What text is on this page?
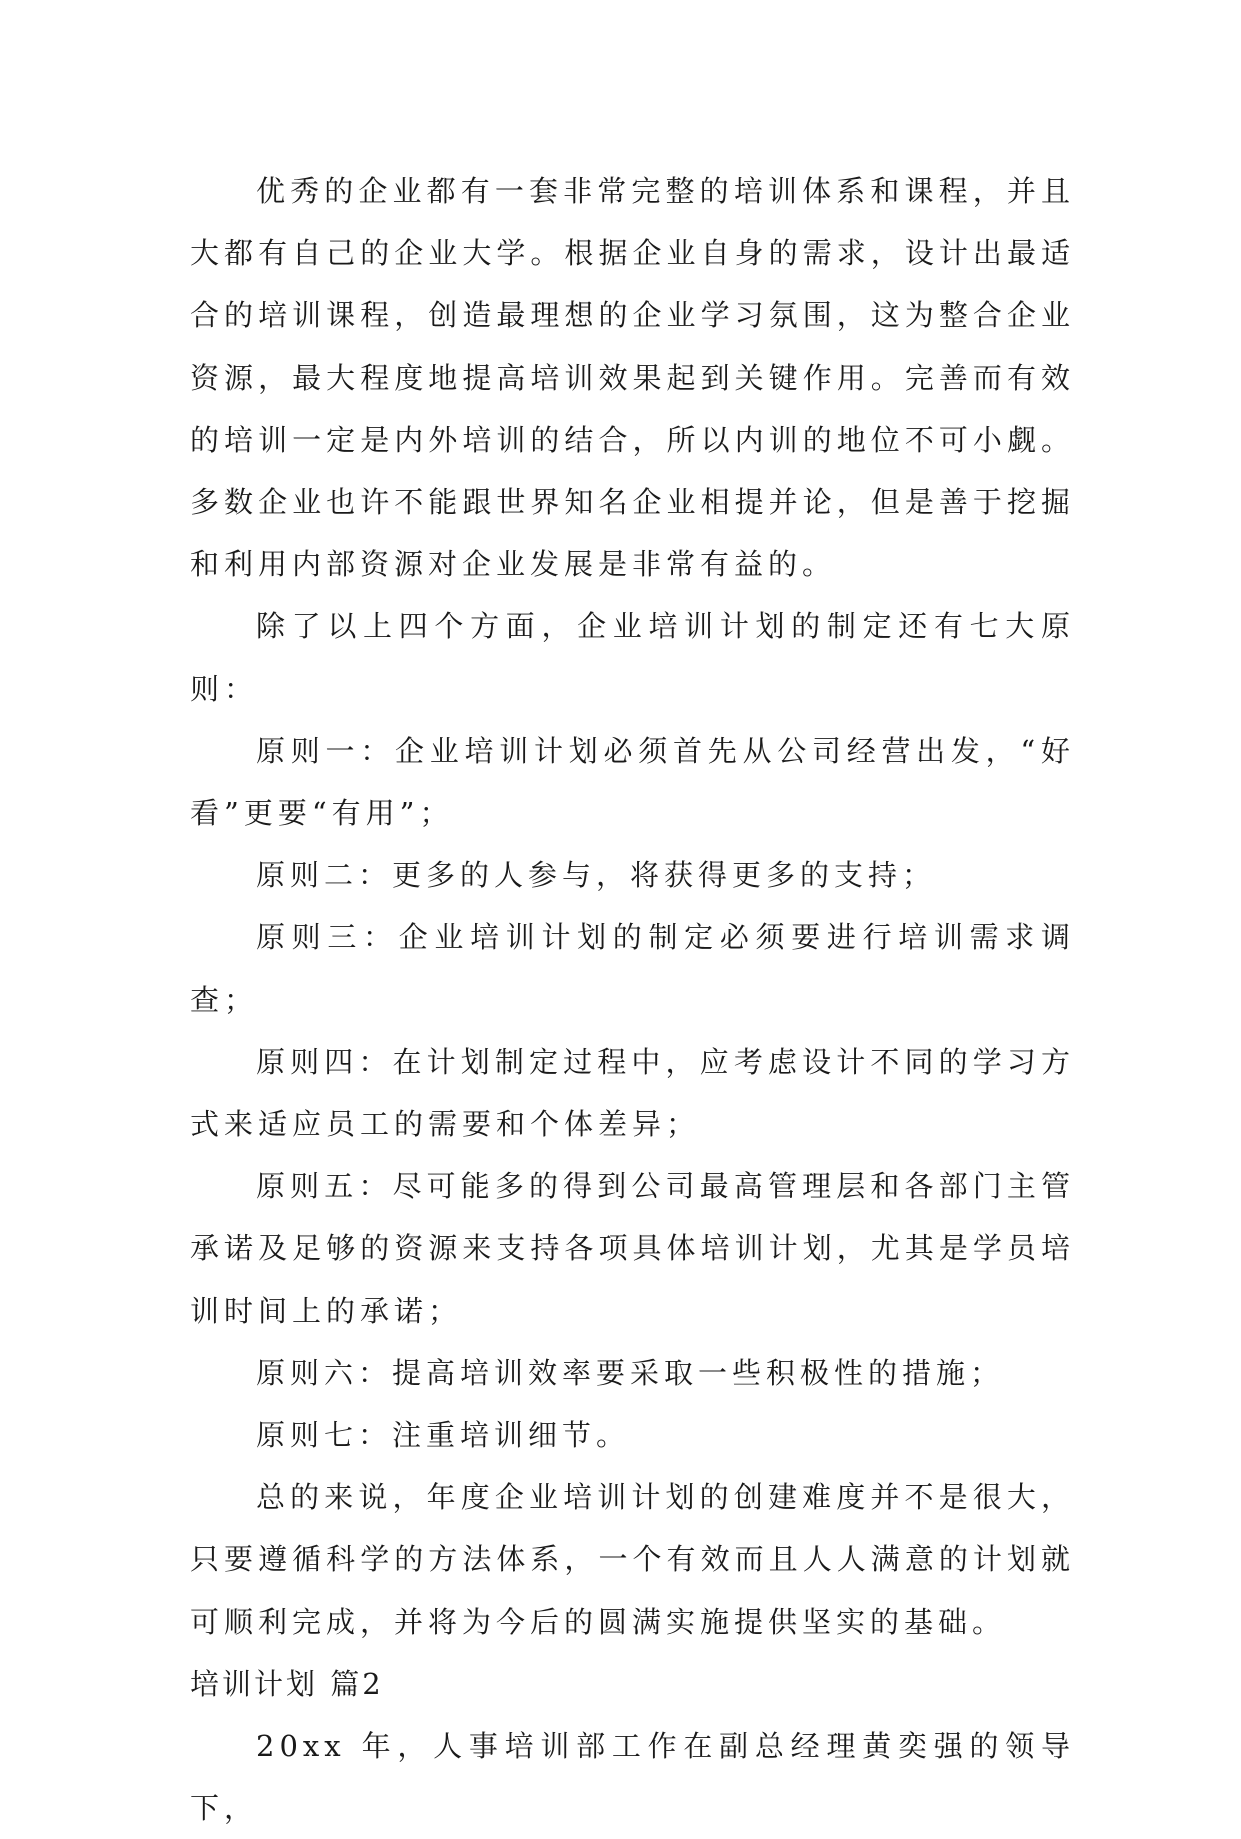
优秀的企业都有一套非常完整的培训体系和课程，并且大都有自己的企业大学。根据企业自身的需求，设计出最适合的培训课程，创造最理想的企业学习氛围，这为整合企业资源，最大程度地提高培训效果起到关键作用。完善而有效的培训一定是内外培训的结合，所以内训的地位不可小觑。多数企业也许不能跟世界知名企业相提并论，但是善于挖掘和利用内部资源对企业发展是非常有益的。

除了以上四个方面，企业培训计划的制定还有七大原则：

原则一：企业培训计划必须首先从公司经营出发，“好看”更要“有用”；

原则二：更多的人参与，将获得更多的支持；

原则三：企业培训计划的制定必须要进行培训需求调查；

原则四：在计划制定过程中，应考虑设计不同的学习方式来适应员工的需要和个体差异；

原则五：尽可能多的得到公司最高管理层和各部门主管承诺及足够的资源来支持各项具体培训计划，尤其是学员培训时间上的承诺；

原则六：提高培训效率要采取一些积极性的措施；

原则七：注重培训细节。

总的来说，年度企业培训计划的创建难度并不是很大，只要遵循科学的方法体系，一个有效而且人人满意的计划就可顺利完成，并将为今后的圆满实施提供坚实的基础。

培训计划 篇2

20xx 年，人事培训部工作在副总经理黄奕强的领导下，
